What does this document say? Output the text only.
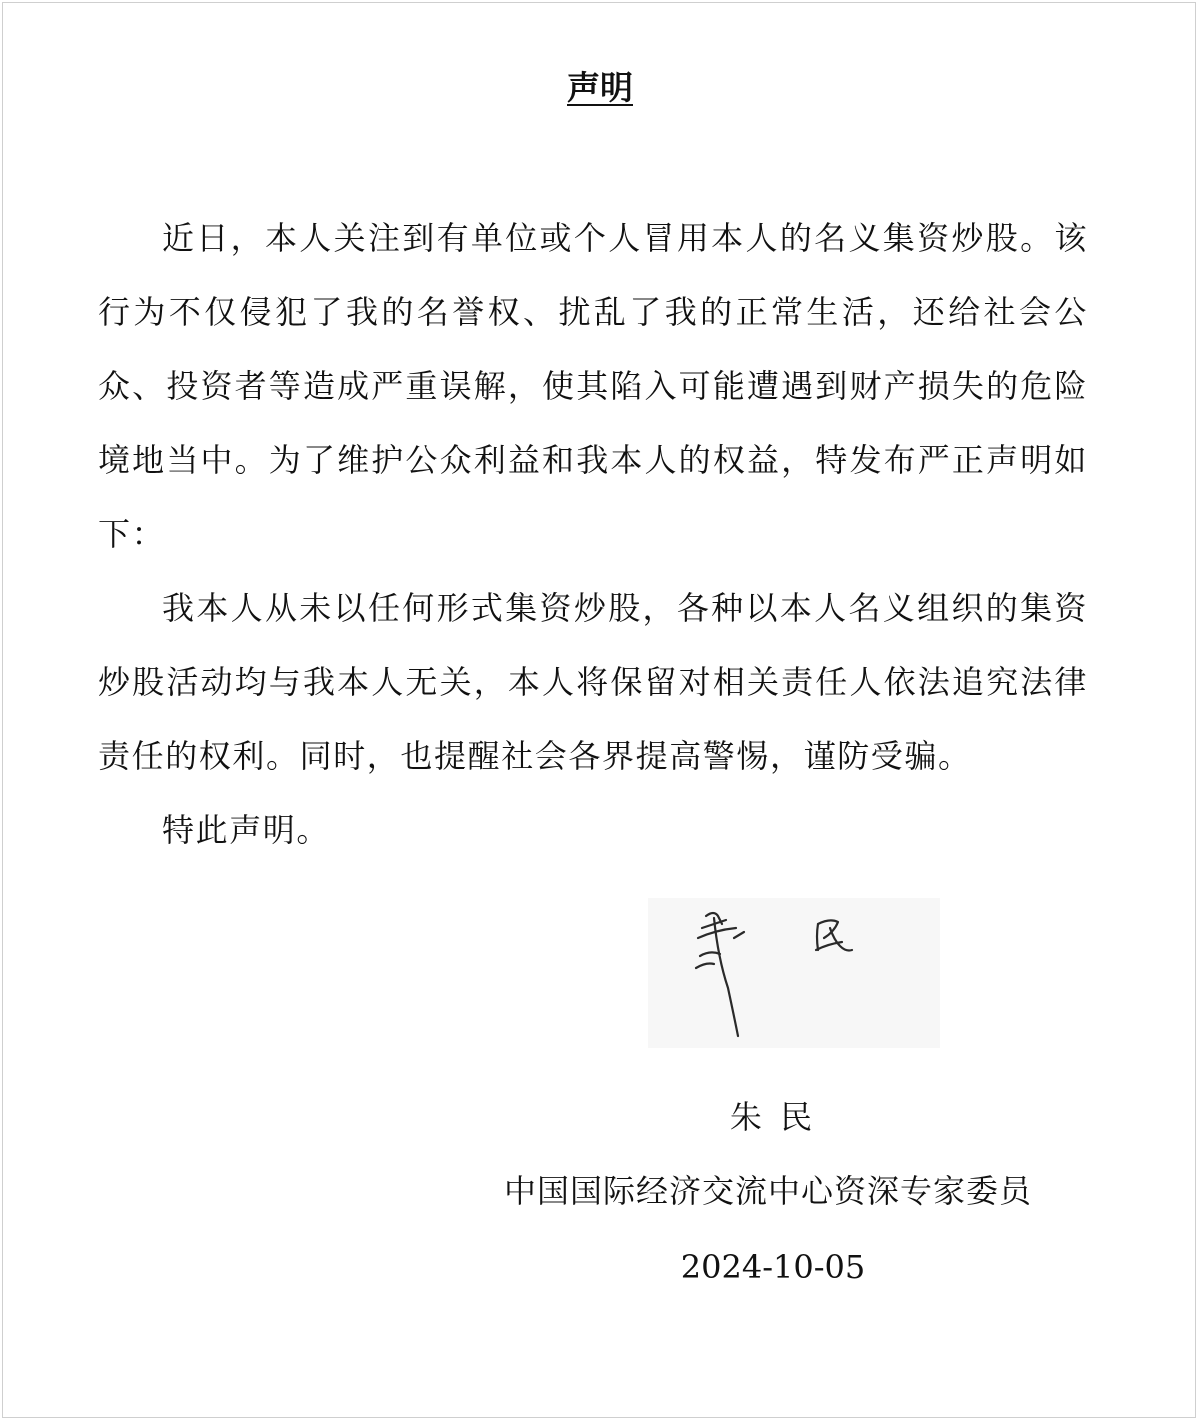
声明

近日，本人关注到有单位或个人冒用本人的名义集资炒股。该行为不仅侵犯了我的名誉权、扰乱了我的正常生活，还给社会公众、投资者等造成严重误解，使其陷入可能遭遇到财产损失的危险境地当中。为了维护公众利益和我本人的权益，特发布严正声明如下：

我本人从未以任何形式集资炒股，各种以本人名义组织的集资炒股活动均与我本人无关，本人将保留对相关责任人依法追究法律责任的权利。同时，也提醒社会各界提高警惕，谨防受骗。

特此声明。

朱 民
中国国际经济交流中心资深专家委员
2024-10-05
